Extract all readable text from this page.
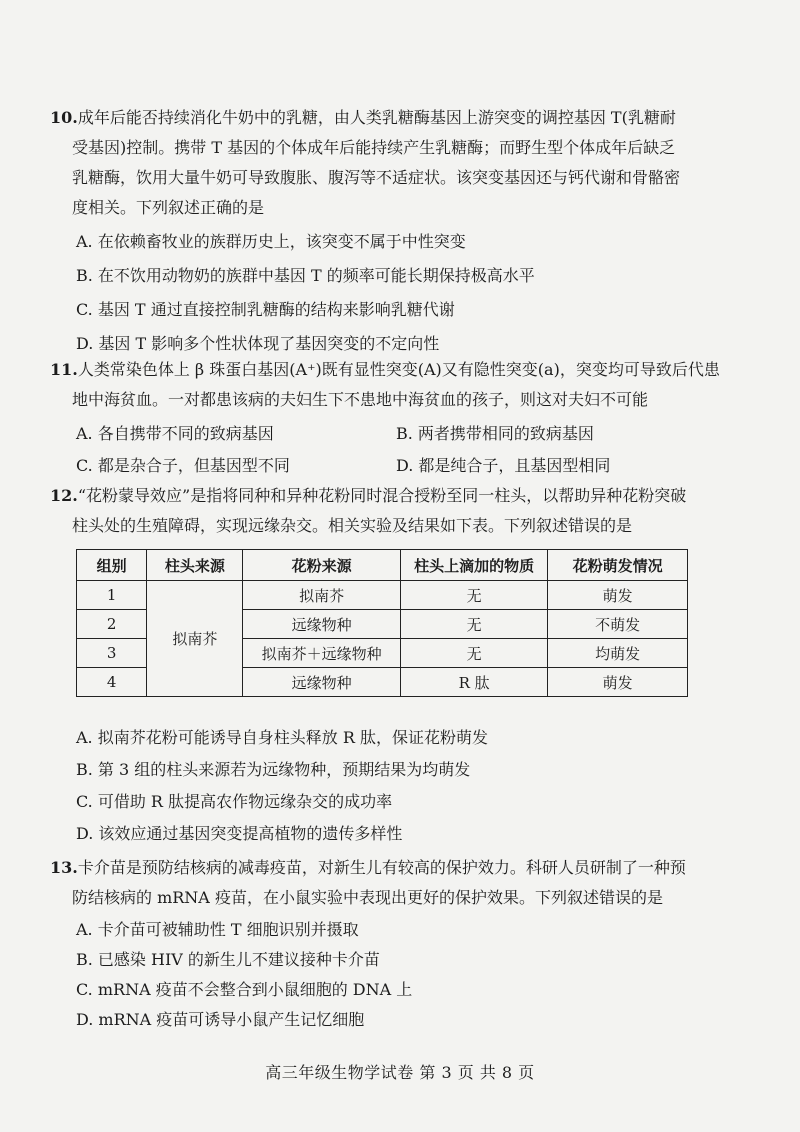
10.成年后能否持续消化牛奶中的乳糖，由人类乳糖酶基因上游突变的调控基因 T(乳糖耐
受基因)控制。携带 T 基因的个体成年后能持续产生乳糖酶；而野生型个体成年后缺乏
乳糖酶，饮用大量牛奶可导致腹胀、腹泻等不适症状。该突变基因还与钙代谢和骨骼密
度相关。下列叙述正确的是
A. 在依赖畜牧业的族群历史上，该突变不属于中性突变
B. 在不饮用动物奶的族群中基因 T 的频率可能长期保持极高水平
C. 基因 T 通过直接控制乳糖酶的结构来影响乳糖代谢
D. 基因 T 影响多个性状体现了基因突变的不定向性
11.人类常染色体上 β 珠蛋白基因(A⁺)既有显性突变(A)又有隐性突变(a)，突变均可导致后代患
地中海贫血。一对都患该病的夫妇生下不患地中海贫血的孩子，则这对夫妇不可能
A. 各自携带不同的致病基因	B. 两者携带相同的致病基因
C. 都是杂合子，但基因型不同	D. 都是纯合子，且基因型相同
12.“花粉蒙导效应”是指将同种和异种花粉同时混合授粉至同一柱头，以帮助异种花粉突破
柱头处的生殖障碍，实现远缘杂交。相关实验及结果如下表。下列叙述错误的是
组别	柱头来源	花粉来源	柱头上滴加的物质	花粉萌发情况
1	拟南芥	拟南芥	无	萌发
2		远缘物种	无	不萌发
3		拟南芥＋远缘物种	无	均萌发
4		远缘物种	R 肽	萌发
A. 拟南芥花粉可能诱导自身柱头释放 R 肽，保证花粉萌发
B. 第 3 组的柱头来源若为远缘物种，预期结果为均萌发
C. 可借助 R 肽提高农作物远缘杂交的成功率
D. 该效应通过基因突变提高植物的遗传多样性
13.卡介苗是预防结核病的减毒疫苗，对新生儿有较高的保护效力。科研人员研制了一种预
防结核病的 mRNA 疫苗，在小鼠实验中表现出更好的保护效果。下列叙述错误的是
A. 卡介苗可被辅助性 T 细胞识别并摄取
B. 已感染 HIV 的新生儿不建议接种卡介苗
C. mRNA 疫苗不会整合到小鼠细胞的 DNA 上
D. mRNA 疫苗可诱导小鼠产生记忆细胞
高三年级生物学试卷 第 3 页 共 8 页
